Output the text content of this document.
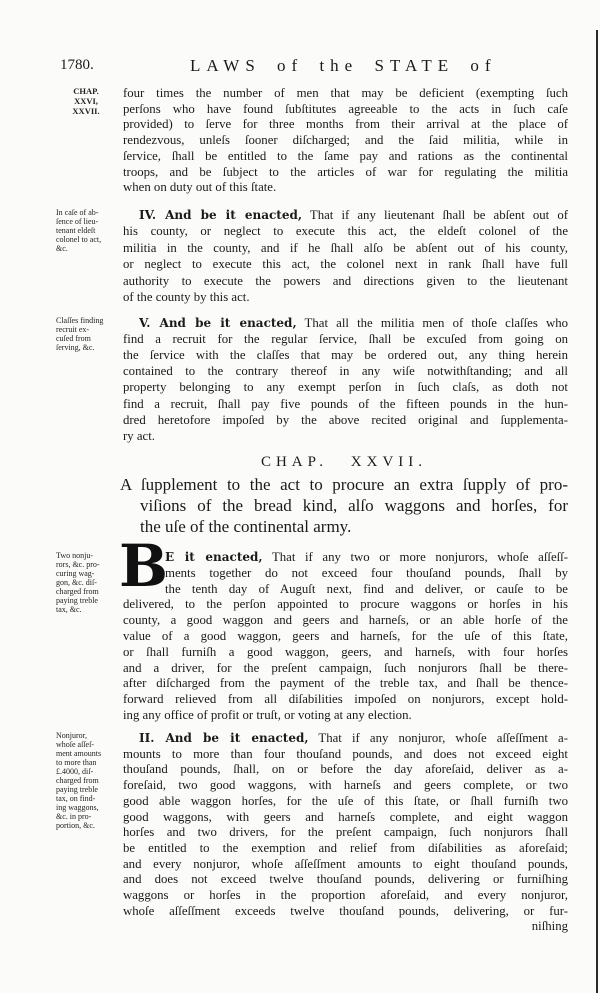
1780.	LAWS of the STATE of
CHAP. XXVII.
B
CHAP.
XXVI,
XXVII.
In caſe of ab-
ſence of lieu-
tenant eldeſt
colonel to act,
&c.
Claſſes finding
recruit ex-
cuſed from
ſerving, &c.
Two nonju-
rors, &c. pro-
curing wag-
gon, &c. diſ-
charged from
paying treble
tax, &c.
Nonjuror,
whoſe aſſeſ-
ment amounts
to more than
£.4000, diſ-
charged from
paying treble
tax, on find-
ing waggons,
&c. in pro-
portion, &c.
four times the number of men that may be deficient (exempting ſuch
perſons who have found ſubſtitutes agreeable to the acts in ſuch caſe
provided) to ſerve for three months from their arrival at the place of
rendezvous, unleſs ſooner diſcharged; and the ſaid militia, while in
ſervice, ſhall be entitled to the ſame pay and rations as the continental
troops, and be ſubject to the articles of war for regulating the militia
when on duty out of this ſtate.
IV. And be it enacted, That if any lieutenant ſhall be abſent out of
his county, or neglect to execute this act, the eldeſt colonel of the
militia in the county, and if he ſhall alſo be abſent out of his county,
or neglect to execute this act, the colonel next in rank ſhall have full
authority to execute the powers and directions given to the lieutenant
of the county by this act.
V. And be it enacted, That all the militia men of thoſe claſſes who
find a recruit for the regular ſervice, ſhall be excuſed from going on
the ſervice with the claſſes that may be ordered out, any thing herein
contained to the contrary thereof in any wiſe notwithſtanding; and all
property belonging to any exempt perſon in ſuch claſs, as doth not
find a recruit, ſhall pay five pounds of the fifteen pounds in the hun-
dred heretofore impoſed by the above recited original and ſupplementa-
ry act.
E it enacted, That if any two or more nonjurors, whoſe aſſeſſ-
ments together do not exceed four thouſand pounds, ſhall by
the tenth day of Auguſt next, find and deliver, or cauſe to be
delivered, to the perſon appointed to procure waggons or horſes in his
county, a good waggon and geers and harneſs, or an able horſe of the
value of a good waggon, geers and harneſs, for the uſe of this ſtate,
or ſhall furniſh a good waggon, geers, and harneſs, with four horſes
and a driver, for the preſent campaign, ſuch nonjurors ſhall be there-
after diſcharged from the payment of the treble tax, and ſhall be thence-
forward relieved from all diſabilities impoſed on nonjurors, except hold-
ing any office of profit or truſt, or voting at any election.
II. And be it enacted, That if any nonjuror, whoſe aſſeſſment a-
mounts to more than four thouſand pounds, and does not exceed eight
thouſand pounds, ſhall, on or before the day aforeſaid, deliver as a-
foreſaid, two good waggons, with harneſs and geers complete, or two
good able waggon horſes, for the uſe of this ſtate, or ſhall furniſh two
good waggons, with geers and harneſs complete, and eight waggon
horſes and two drivers, for the preſent campaign, ſuch nonjurors ſhall
be entitled to the exemption and relief from diſabilities as aforeſaid;
and every nonjuror, whoſe aſſeſſment amounts to eight thouſand pounds,
and does not exceed twelve thouſand pounds, delivering or furniſhing
waggons or horſes in the proportion aforeſaid, and every nonjuror,
whoſe aſſeſſment exceeds twelve thouſand pounds, delivering, or fur-
niſhing
A ſupplement to the act to procure an extra ſupply of pro-
viſions of the bread kind, alſo waggons and horſes, for
the uſe of the continental army.
